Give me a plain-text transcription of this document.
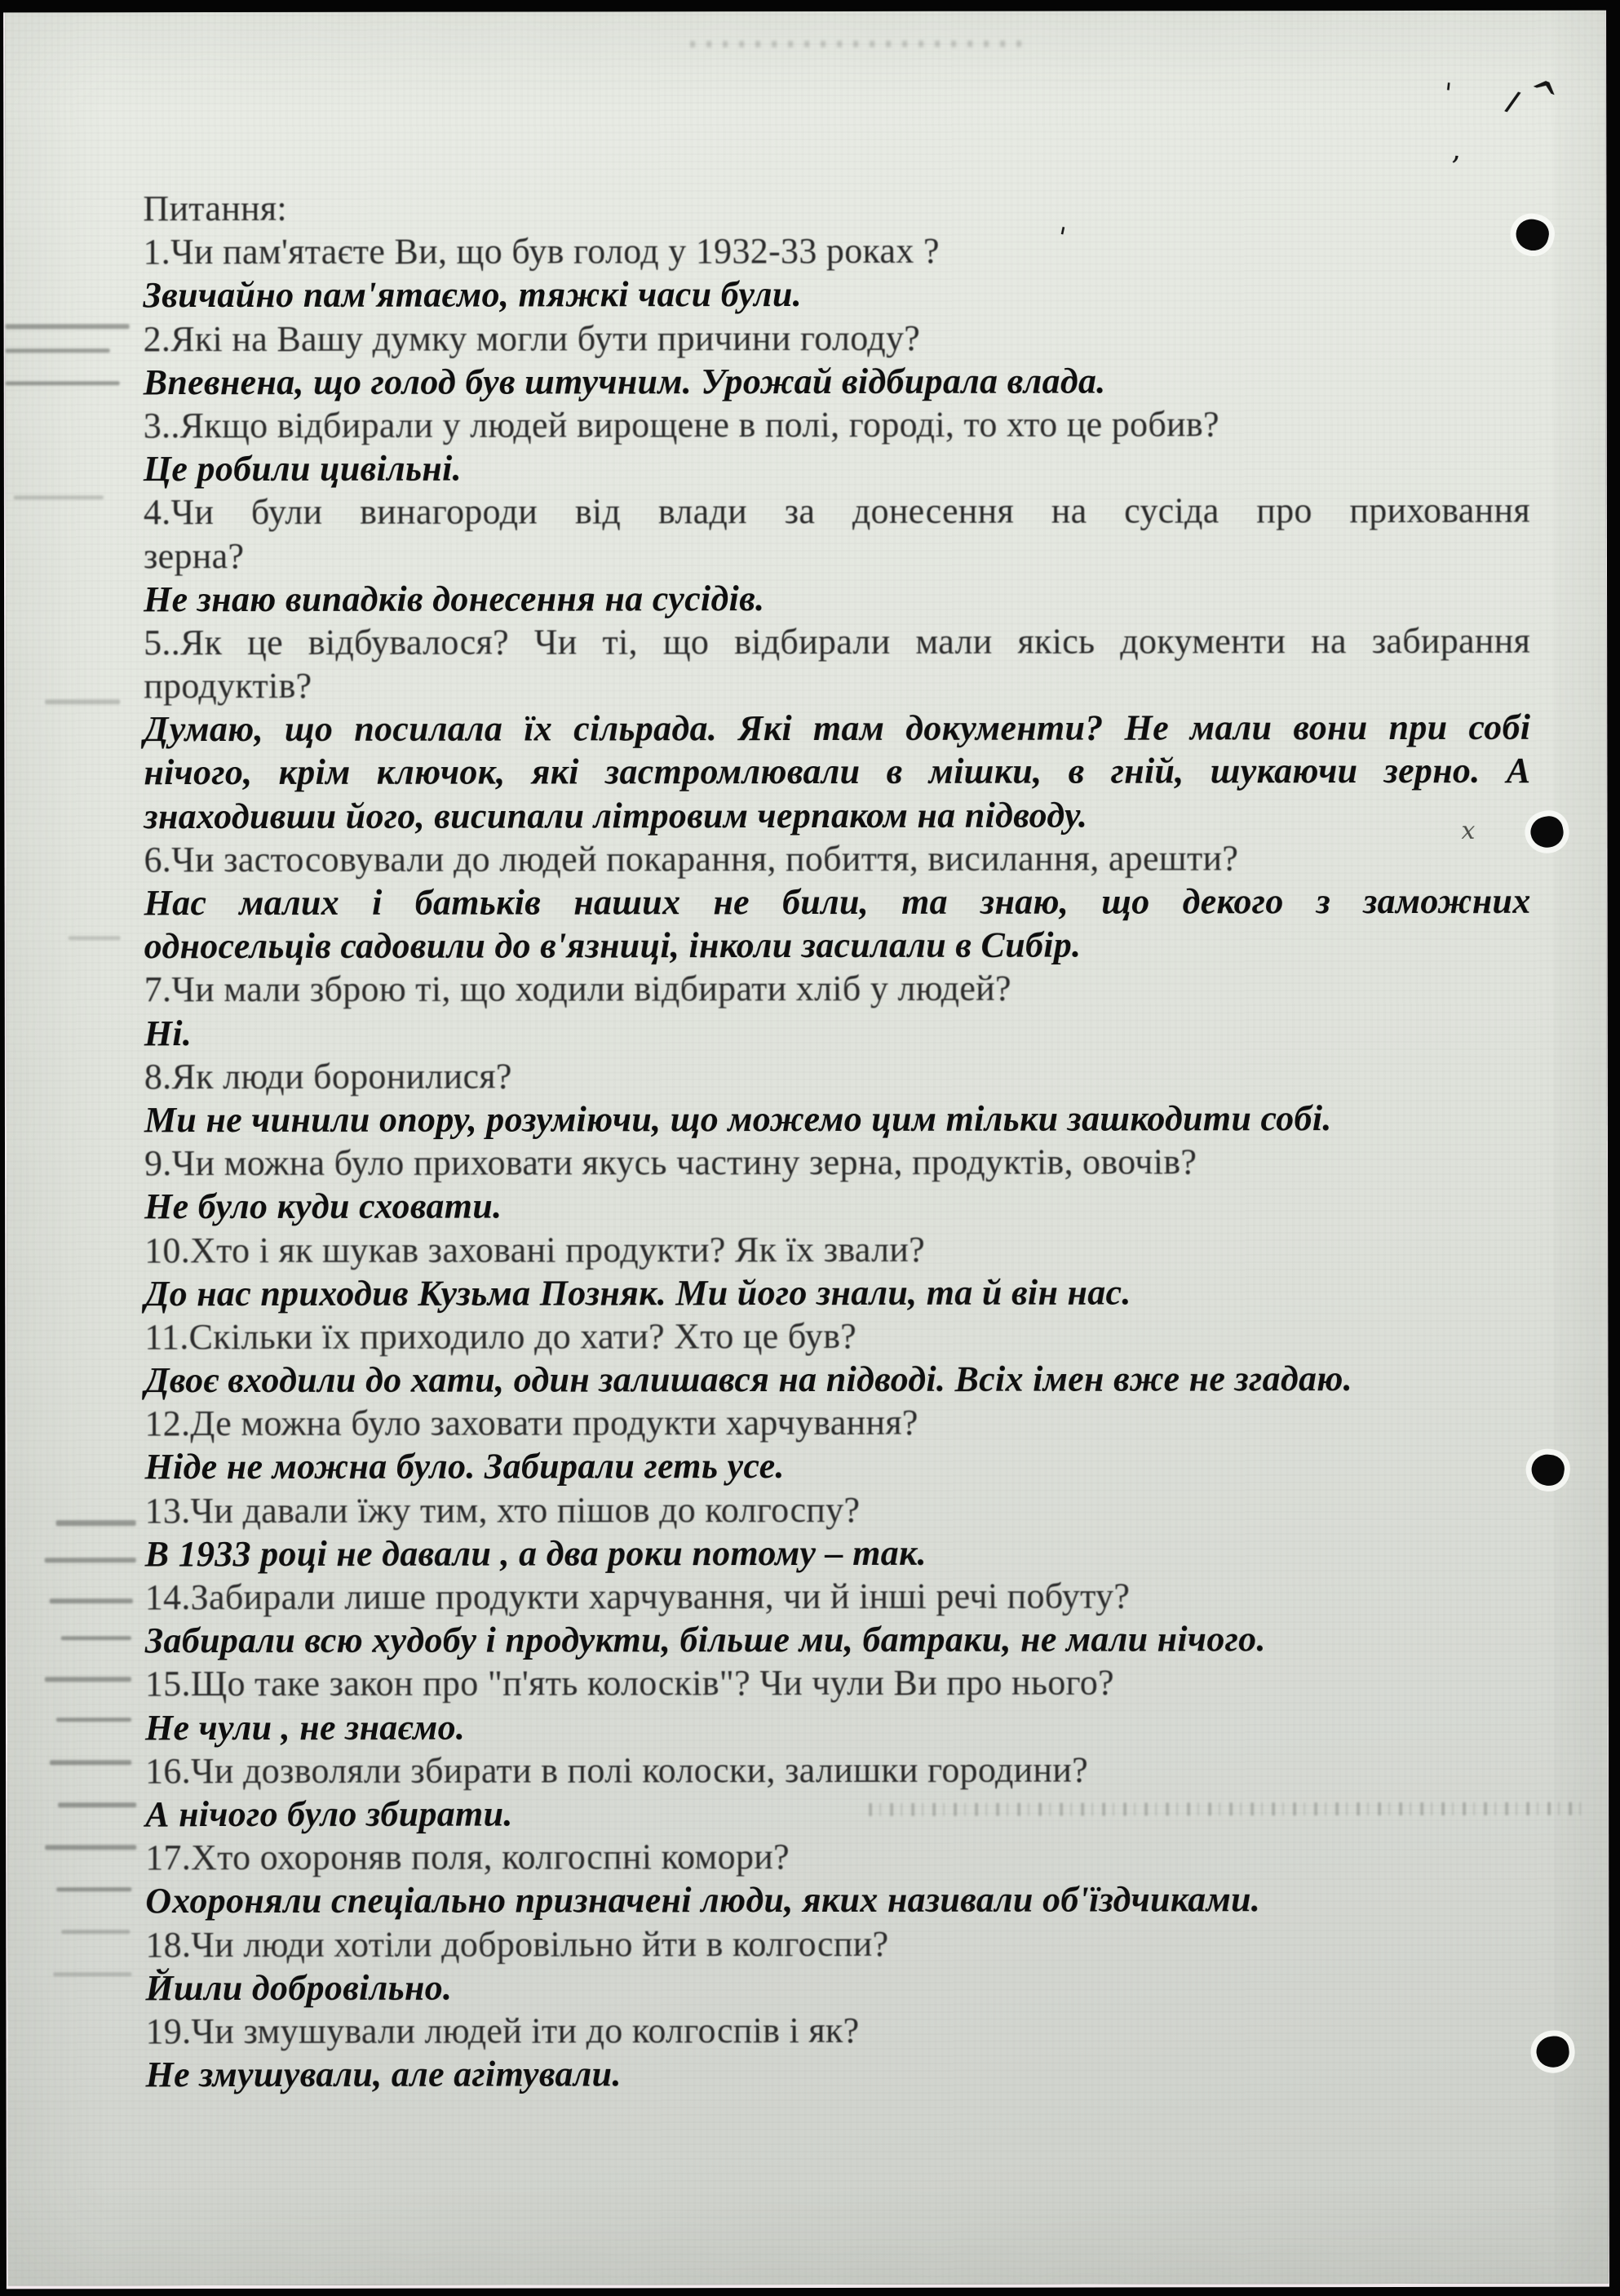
Питання:
1.Чи пам'ятаєте Ви, що був голод у 1932-33 роках ?
Звичайно пам'ятаємо, тяжкі часи були.
2.Які на Вашу думку могли бути причини голоду?
Впевнена, що голод був штучним. Урожай відбирала влада.
3..Якщо відбирали у людей вирощене в полі, городі, то хто це робив?
Це робили цивільні.
4.Чи були винагороди від влади за донесення на сусіда про приховання
зерна?
Не знаю випадків донесення на сусідів.
5..Як це відбувалося? Чи ті, що відбирали мали якісь документи на забирання
продуктів?
Думаю, що посилала їх сільрада. Які там документи? Не мали вони при собі
нічого, крім ключок, які застромлювали в мішки, в гній, шукаючи зерно. А
знаходивши його, висипали літровим черпаком на підводу.
6.Чи застосовували до людей покарання, побиття, висилання, арешти?
Нас малих і батьків наших не били, та знаю, що декого з заможних
односельців садовили до в'язниці, інколи засилали в Сибір.
7.Чи мали зброю ті, що ходили відбирати хліб у людей?
Ні.
8.Як люди боронилися?
Ми не чинили опору, розуміючи, що можемо цим тільки зашкодити собі.
9.Чи можна було приховати якусь частину зерна, продуктів, овочів?
Не було куди сховати.
10.Хто і як шукав заховані продукти? Як їх звали?
До нас приходив Кузьма Позняк. Ми його знали, та й він нас.
11.Скільки їх приходило до хати? Хто це був?
Двоє входили до хати, один залишався на підводі. Всіх імен вже не згадаю.
12.Де можна було заховати продукти харчування?
Ніде не можна було. Забирали геть усе.
13.Чи давали їжу тим, хто пішов до колгоспу?
В 1933 році не давали , а два роки потому – так.
14.Забирали лише продукти харчування, чи й інші речі побуту?
Забирали всю худобу і продукти, більше ми, батраки, не мали нічого.
15.Що таке закон про "п'ять колосків"? Чи чули Ви про нього?
Не чули , не знаємо.
16.Чи дозволяли збирати в полі колоски, залишки городини?
А нічого було збирати.
17.Хто охороняв поля, колгоспні комори?
Охороняли спеціально призначені люди, яких називали об'їздчиками.
18.Чи люди хотіли добровільно йти в колгоспи?
Йшли добровільно.
19.Чи змушували людей іти до колгоспів і як?
Не змушували, але агітували.
'
'
,
/
^
х
